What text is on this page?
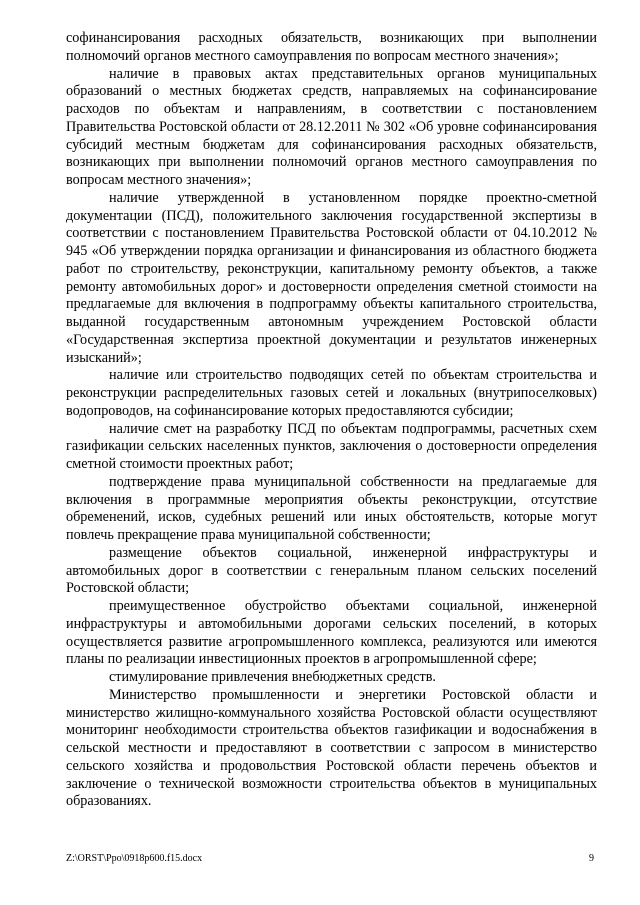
софинансирования расходных обязательств, возникающих при выполнении полномочий органов местного самоуправления по вопросам местного значения»;

наличие в правовых актах представительных органов муниципальных образований о местных бюджетах средств, направляемых на софинансирование расходов по объектам и направлениям, в соответствии с постановлением Правительства Ростовской области от 28.12.2011 № 302 «Об уровне софинансирования субсидий местным бюджетам для софинансирования расходных обязательств, возникающих при выполнении полномочий органов местного самоуправления по вопросам местного значения»;

наличие утвержденной в установленном порядке проектно-сметной документации (ПСД), положительного заключения государственной экспертизы в соответствии с постановлением Правительства Ростовской области от 04.10.2012 № 945 «Об утверждении порядка организации и финансирования из областного бюджета работ по строительству, реконструкции, капитальному ремонту объектов, а также ремонту автомобильных дорог» и достоверности определения сметной стоимости на предлагаемые для включения в подпрограмму объекты капитального строительства, выданной государственным автономным учреждением Ростовской области «Государственная экспертиза проектной документации и результатов инженерных изысканий»;

наличие или строительство подводящих сетей по объектам строительства и реконструкции распределительных газовых сетей и локальных (внутрипоселковых) водопроводов, на софинансирование которых предоставляются субсидии;

наличие смет на разработку ПСД по объектам подпрограммы, расчетных схем газификации сельских населенных пунктов, заключения о достоверности определения сметной стоимости проектных работ;

подтверждение права муниципальной собственности на предлагаемые для включения в программные мероприятия объекты реконструкции, отсутствие обременений, исков, судебных решений или иных обстоятельств, которые могут повлечь прекращение права муниципальной собственности;

размещение объектов социальной, инженерной инфраструктуры и автомобильных дорог в соответствии с генеральным планом сельских поселений Ростовской области;

преимущественное обустройство объектами социальной, инженерной инфраструктуры и автомобильными дорогами сельских поселений, в которых осуществляется развитие агропромышленного комплекса, реализуются или имеются планы по реализации инвестиционных проектов в агропромышленной сфере;

стимулирование привлечения внебюджетных средств.

Министерство промышленности и энергетики Ростовской области и министерство жилищно-коммунального хозяйства Ростовской области осуществляют мониторинг необходимости строительства объектов газификации и водоснабжения в сельской местности и предоставляют в соответствии с запросом в министерство сельского хозяйства и продовольствия Ростовской области перечень объектов и заключение о технической возможности строительства объектов в муниципальных образованиях.

Z:\ORST\Ppo\0918p600.f15.docx	9
